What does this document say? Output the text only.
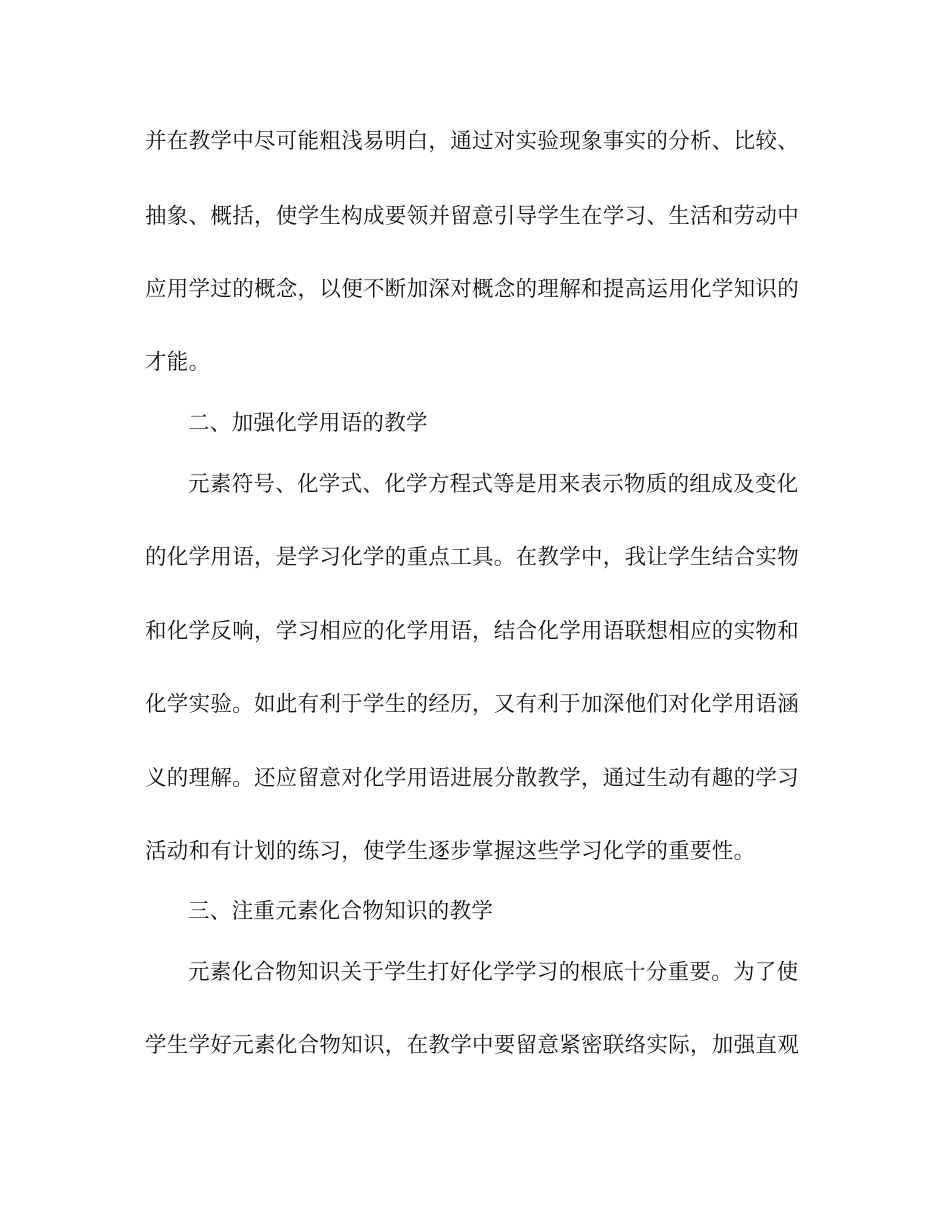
并在教学中尽可能粗浅易明白，通过对实验现象事实的分析、比较、
抽象、概括，使学生构成要领并留意引导学生在学习、生活和劳动中
应用学过的概念，以便不断加深对概念的理解和提高运用化学知识的
才能。
二、加强化学用语的教学
元素符号、化学式、化学方程式等是用来表示物质的组成及变化
的化学用语，是学习化学的重点工具。在教学中，我让学生结合实物
和化学反响，学习相应的化学用语，结合化学用语联想相应的实物和
化学实验。如此有利于学生的经历，又有利于加深他们对化学用语涵
义的理解。还应留意对化学用语进展分散教学，通过生动有趣的学习
活动和有计划的练习，使学生逐步掌握这些学习化学的重要性。
三、注重元素化合物知识的教学
元素化合物知识关于学生打好化学学习的根底十分重要。为了使
学生学好元素化合物知识，在教学中要留意紧密联络实际，加强直观
